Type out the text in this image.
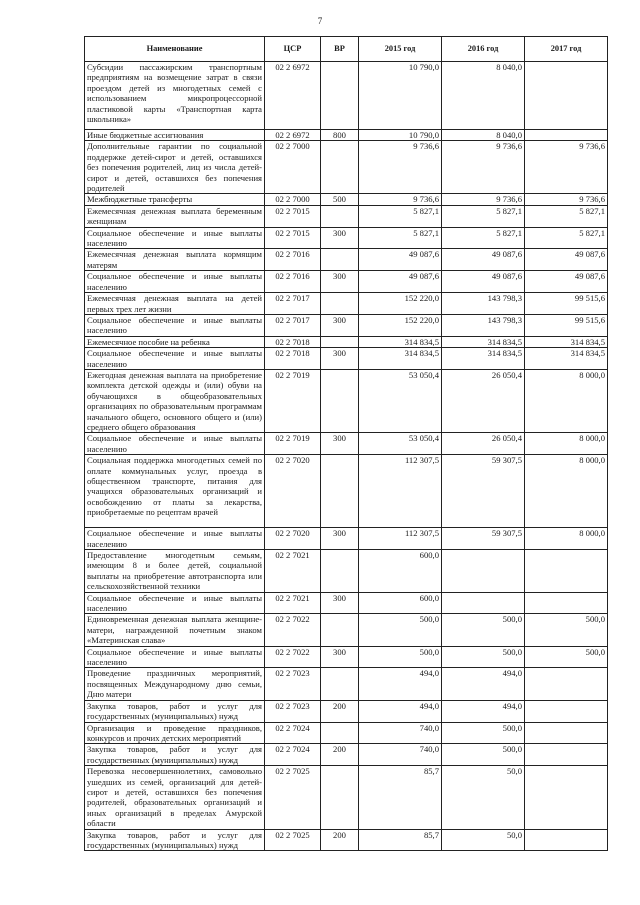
7
Наименование	ЦСР	ВР	2015 год	2016 год	2017 год
Субсидии пассажирским транспортным предприятиям на возмещение затрат в связи проездом детей из многодетных семей с использованием микропроцессорной пластиковой карты «Транспортная карта школьника»	02 2 6972		10 790,0	8 040,0	
Иные бюджетные ассигнования	02 2 6972	800	10 790,0	8 040,0	
Дополнительные гарантии по социальной поддержке детей-сирот и детей, оставшихся без попечения родителей, лиц из числа детей-сирот и детей, оставшихся без попечения родителей	02 2 7000		9 736,6	9 736,6	9 736,6
Межбюджетные трансферты	02 2 7000	500	9 736,6	9 736,6	9 736,6
Ежемесячная денежная выплата беременным женщинам	02 2 7015		5 827,1	5 827,1	5 827,1
Социальное обеспечение и иные выплаты населению	02 2 7015	300	5 827,1	5 827,1	5 827,1
Ежемесячная денежная выплата кормящим матерям	02 2 7016		49 087,6	49 087,6	49 087,6
Социальное обеспечение и иные выплаты населению	02 2 7016	300	49 087,6	49 087,6	49 087,6
Ежемесячная денежная выплата на детей первых трех лет жизни	02 2 7017		152 220,0	143 798,3	99 515,6
Социальное обеспечение и иные выплаты населению	02 2 7017	300	152 220,0	143 798,3	99 515,6
Ежемесячное пособие на ребенка	02 2 7018		314 834,5	314 834,5	314 834,5
Социальное обеспечение и иные выплаты населению	02 2 7018	300	314 834,5	314 834,5	314 834,5
Ежегодная денежная выплата на приобретение комплекта детской одежды и (или) обуви на обучающихся в общеобразовательных организациях по образовательным программам начального общего, основного общего и (или) среднего общего образования	02 2 7019		53 050,4	26 050,4	8 000,0
Социальное обеспечение и иные выплаты населению	02 2 7019	300	53 050,4	26 050,4	8 000,0
Социальная поддержка многодетных семей по оплате коммунальных услуг, проезда в общественном транспорте, питания для учащихся образовательных организаций и освобождению от платы за лекарства, приобретаемые по рецептам врачей	02 2 7020		112 307,5	59 307,5	8 000,0
Социальное обеспечение и иные выплаты населению	02 2 7020	300	112 307,5	59 307,5	8 000,0
Предоставление многодетным семьям, имеющим 8 и более детей, социальной выплаты на приобретение автотранспорта или сельскохозяйственной техники	02 2 7021		600,0		
Социальное обеспечение и иные выплаты населению	02 2 7021	300	600,0		
Единовременная денежная выплата женщине-матери, награжденной почетным знаком «Материнская слава»	02 2 7022		500,0	500,0	500,0
Социальное обеспечение и иные выплаты населению	02 2 7022	300	500,0	500,0	500,0
Проведение праздничных мероприятий, посвященных Международному дню семьи, Дню матери	02 2 7023		494,0	494,0	
Закупка товаров, работ и услуг для государственных (муниципальных) нужд	02 2 7023	200	494,0	494,0	
Организация и проведение праздников, конкурсов и прочих детских мероприятий	02 2 7024		740,0	500,0	
Закупка товаров, работ и услуг для государственных (муниципальных) нужд	02 2 7024	200	740,0	500,0	
Перевозка несовершеннолетних, самовольно ушедших из семей, организаций для детей-сирот и детей, оставшихся без попечения родителей, образовательных организаций и иных организаций в пределах Амурской области	02 2 7025		85,7	50,0	
Закупка товаров, работ и услуг для государственных (муниципальных) нужд	02 2 7025	200	85,7	50,0	
